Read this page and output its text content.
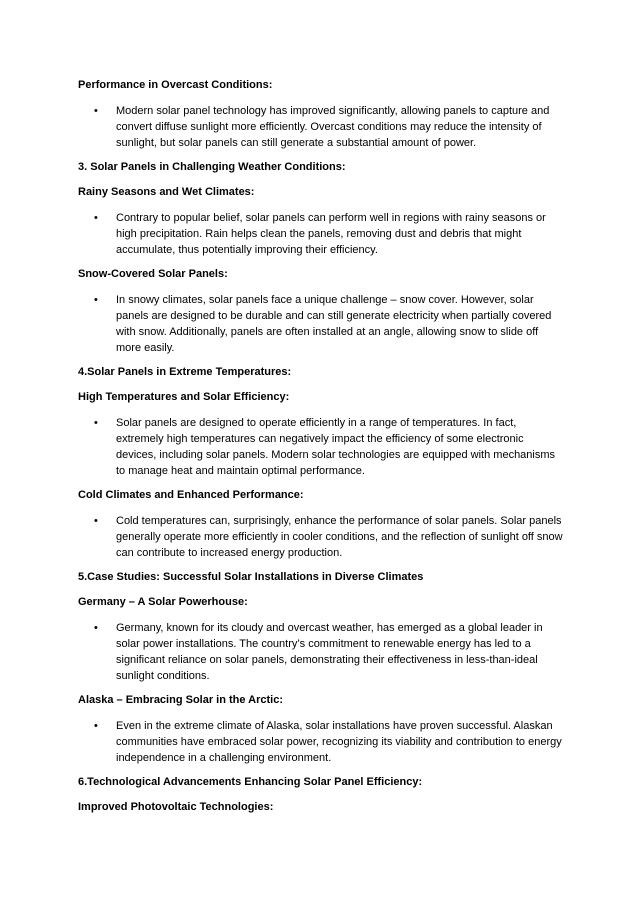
Performance in Overcast Conditions:

• Modern solar panel technology has improved significantly, allowing panels to capture and convert diffuse sunlight more efficiently. Overcast conditions may reduce the intensity of sunlight, but solar panels can still generate a substantial amount of power.

3. Solar Panels in Challenging Weather Conditions:

Rainy Seasons and Wet Climates:

• Contrary to popular belief, solar panels can perform well in regions with rainy seasons or high precipitation. Rain helps clean the panels, removing dust and debris that might accumulate, thus potentially improving their efficiency.

Snow-Covered Solar Panels:

• In snowy climates, solar panels face a unique challenge – snow cover. However, solar panels are designed to be durable and can still generate electricity when partially covered with snow. Additionally, panels are often installed at an angle, allowing snow to slide off more easily.

4.Solar Panels in Extreme Temperatures:

High Temperatures and Solar Efficiency:

• Solar panels are designed to operate efficiently in a range of temperatures. In fact, extremely high temperatures can negatively impact the efficiency of some electronic devices, including solar panels. Modern solar technologies are equipped with mechanisms to manage heat and maintain optimal performance.

Cold Climates and Enhanced Performance:

• Cold temperatures can, surprisingly, enhance the performance of solar panels. Solar panels generally operate more efficiently in cooler conditions, and the reflection of sunlight off snow can contribute to increased energy production.

5.Case Studies: Successful Solar Installations in Diverse Climates

Germany – A Solar Powerhouse:

• Germany, known for its cloudy and overcast weather, has emerged as a global leader in solar power installations. The country’s commitment to renewable energy has led to a significant reliance on solar panels, demonstrating their effectiveness in less-than-ideal sunlight conditions.

Alaska – Embracing Solar in the Arctic:

• Even in the extreme climate of Alaska, solar installations have proven successful. Alaskan communities have embraced solar power, recognizing its viability and contribution to energy independence in a challenging environment.

6.Technological Advancements Enhancing Solar Panel Efficiency:

Improved Photovoltaic Technologies:
